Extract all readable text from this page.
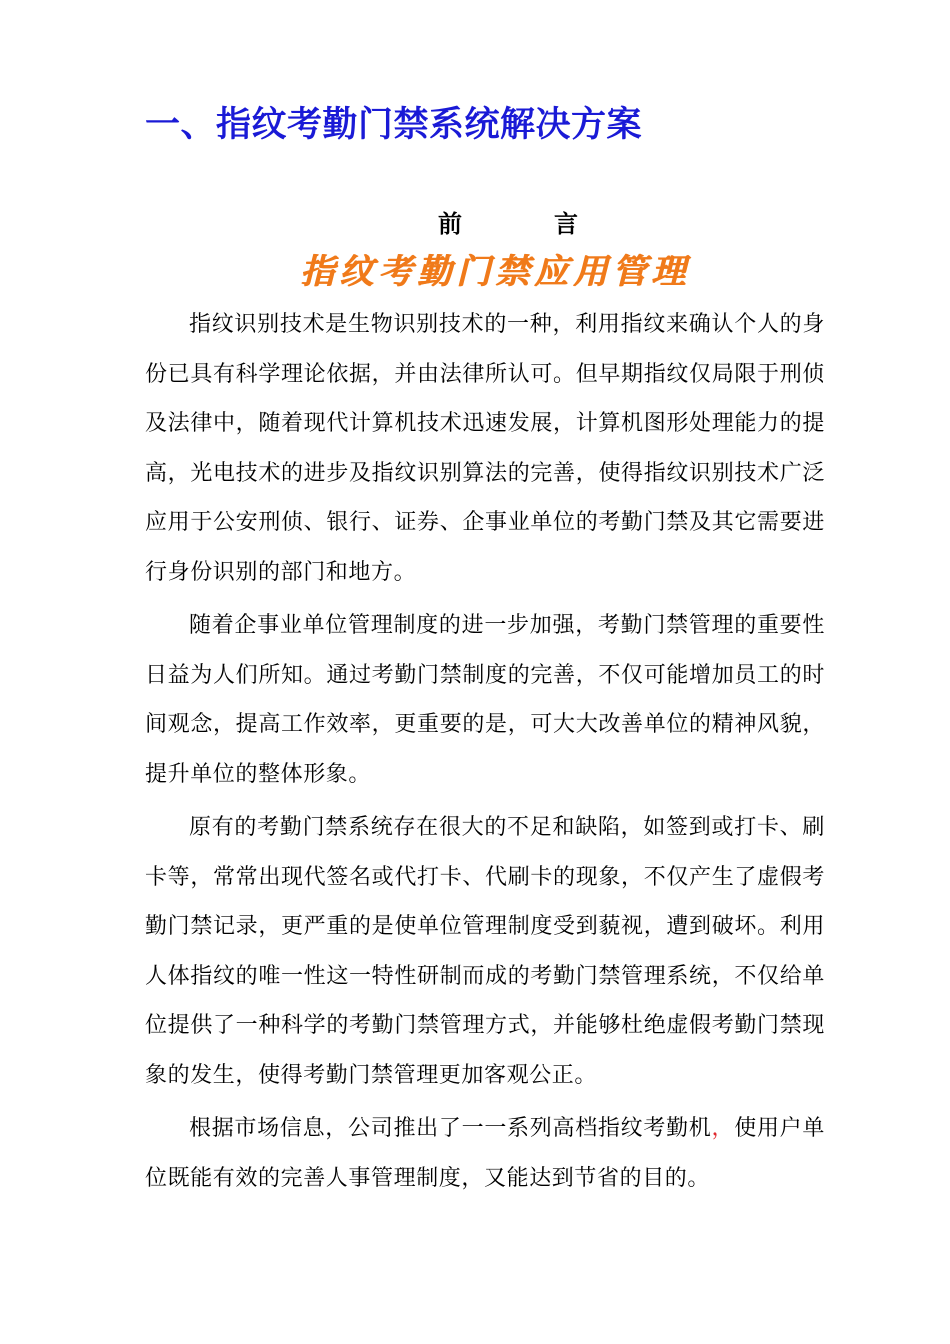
一、指纹考勤门禁系统解决方案
前	言
指纹考勤门禁应用管理

指纹识别技术是生物识别技术的一种，利用指纹来确认个人的身份已具有科学理论依据，并由法律所认可。但早期指纹仅局限于刑侦及法律中，随着现代计算机技术迅速发展，计算机图形处理能力的提高，光电技术的进步及指纹识别算法的完善，使得指纹识别技术广泛应用于公安刑侦、银行、证券、企事业单位的考勤门禁及其它需要进行身份识别的部门和地方。

随着企事业单位管理制度的进一步加强，考勤门禁管理的重要性日益为人们所知。通过考勤门禁制度的完善，不仅可能增加员工的时间观念，提高工作效率，更重要的是，可大大改善单位的精神风貌，提升单位的整体形象。

原有的考勤门禁系统存在很大的不足和缺陷，如签到或打卡、刷卡等，常常出现代签名或代打卡、代刷卡的现象，不仅产生了虚假考勤门禁记录，更严重的是使单位管理制度受到藐视，遭到破坏。利用人体指纹的唯一性这一特性研制而成的考勤门禁管理系统，不仅给单位提供了一种科学的考勤门禁管理方式，并能够杜绝虚假考勤门禁现象的发生，使得考勤门禁管理更加客观公正。

根据市场信息，公司推出了一一系列高档指纹考勤机，使用户单位既能有效的完善人事管理制度，又能达到节省的目的。
